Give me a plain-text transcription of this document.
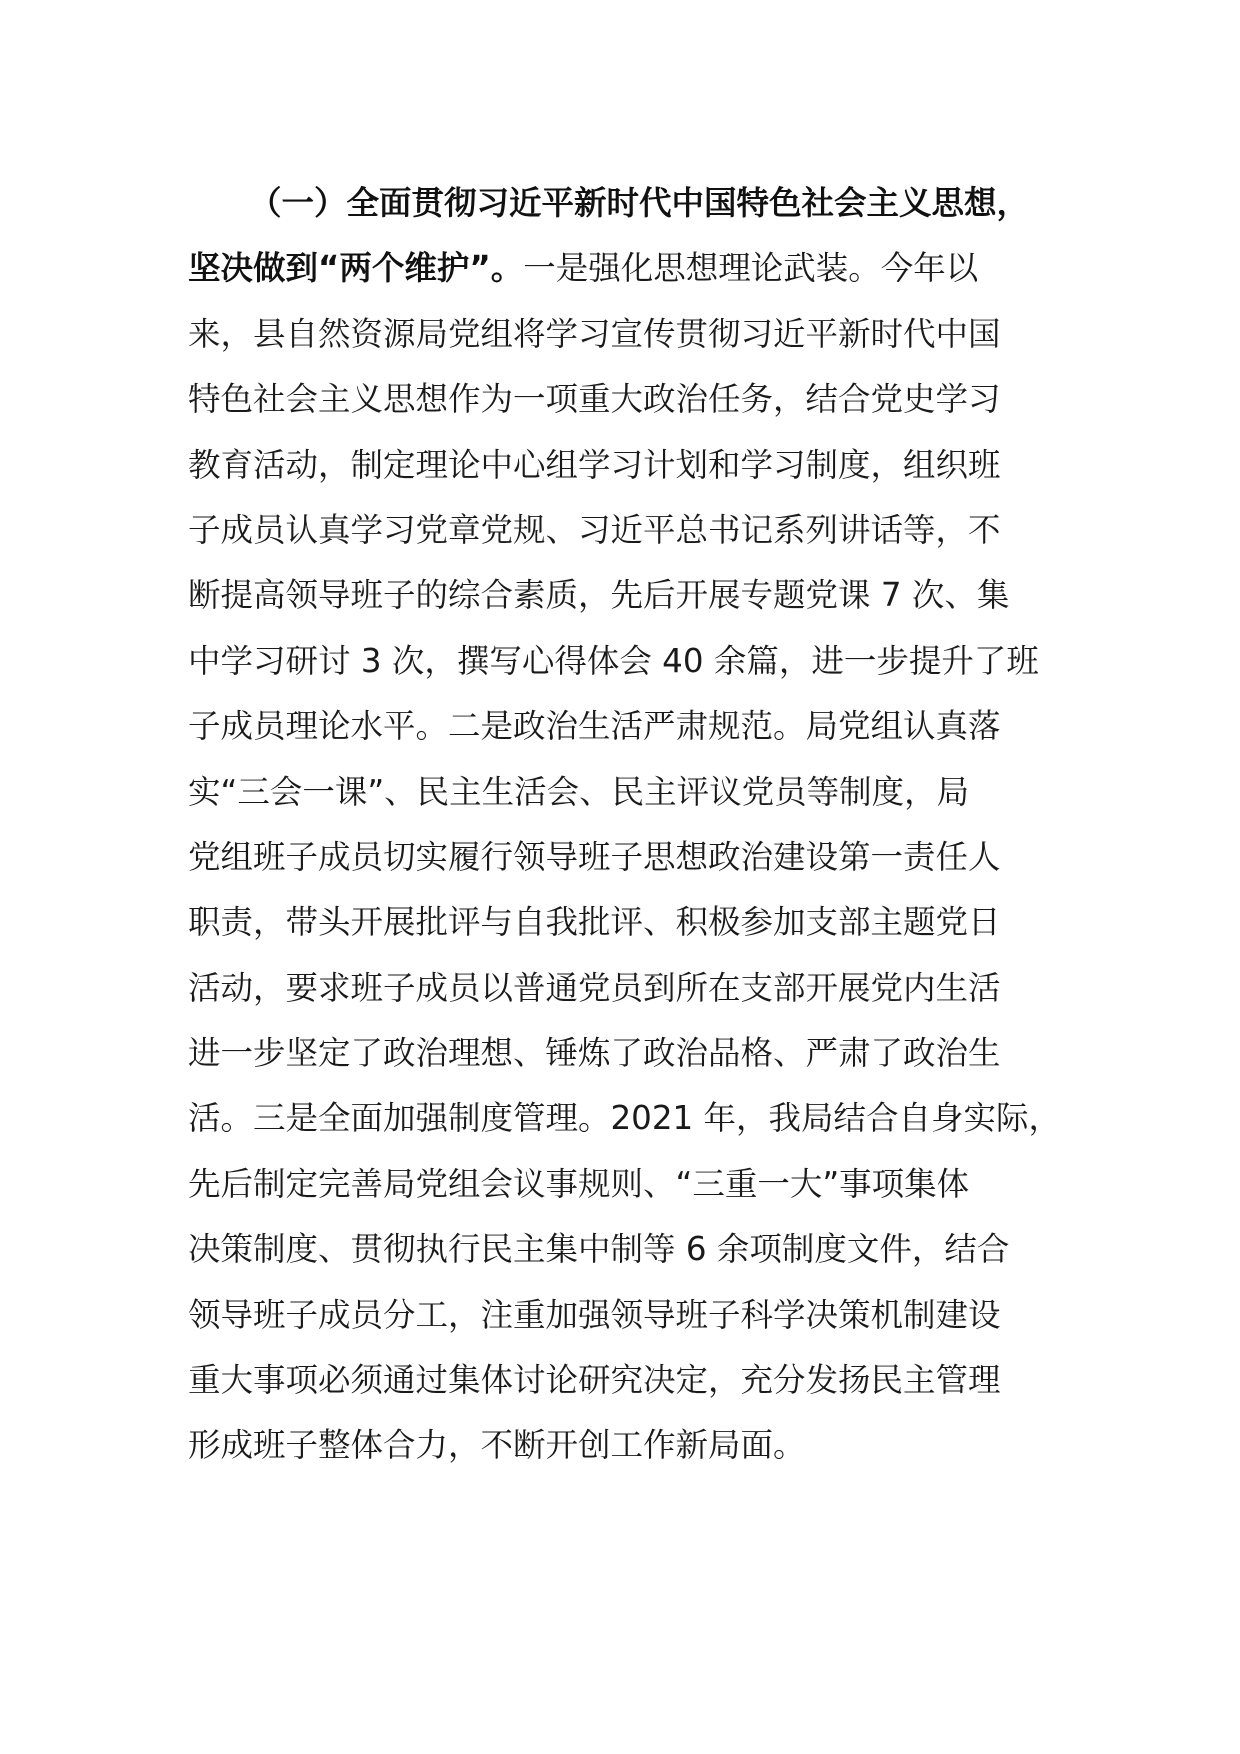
（一）全面贯彻习近平新时代中国特色社会主义思想，
坚决做到“两个维护”。一是强化思想理论武装。今年以
来，县自然资源局党组将学习宣传贯彻习近平新时代中国
特色社会主义思想作为一项重大政治任务，结合党史学习
教育活动，制定理论中心组学习计划和学习制度，组织班
子成员认真学习党章党规、习近平总书记系列讲话等，不
断提高领导班子的综合素质，先后开展专题党课 7 次、集
中学习研讨 3 次，撰写心得体会 40 余篇，进一步提升了班
子成员理论水平。二是政治生活严肃规范。局党组认真落
实“三会一课”、民主生活会、民主评议党员等制度，局
党组班子成员切实履行领导班子思想政治建设第一责任人
职责，带头开展批评与自我批评、积极参加支部主题党日
活动，要求班子成员以普通党员到所在支部开展党内生活
进一步坚定了政治理想、锤炼了政治品格、严肃了政治生
活。三是全面加强制度管理。2021 年，我局结合自身实际，
先后制定完善局党组会议事规则、“三重一大”事项集体
决策制度、贯彻执行民主集中制等 6 余项制度文件，结合
领导班子成员分工，注重加强领导班子科学决策机制建设
重大事项必须通过集体讨论研究决定，充分发扬民主管理
形成班子整体合力，不断开创工作新局面。
